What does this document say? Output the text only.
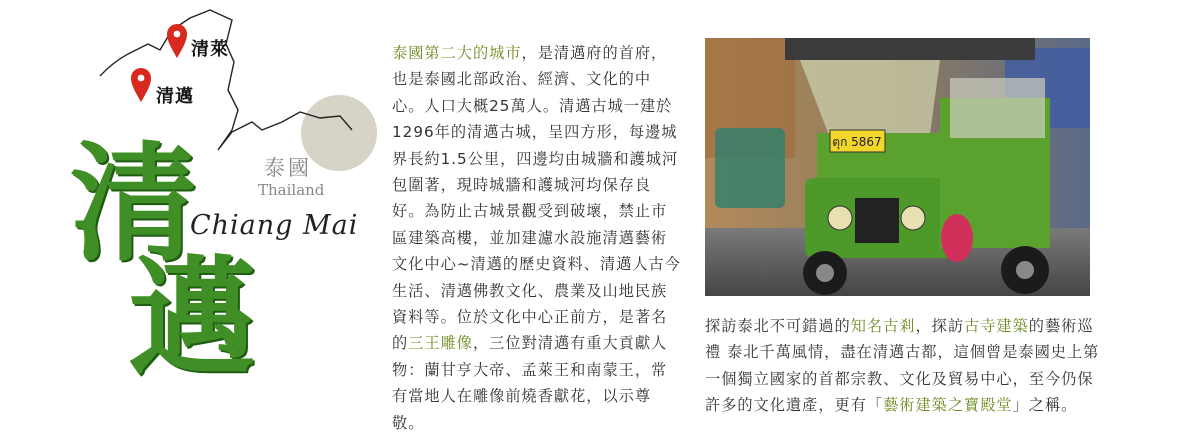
清萊
清邁
泰國
Thailand
Chiang Mai
清
邁
泰國第二大的城市，是清邁府的首府，也是泰國北部政治、經濟、文化的中心。人口大概25萬人。清邁古城一建於1296年的清邁古城，呈四方形，每邊城界長約1.5公里，四邊均由城牆和護城河包圍著，現時城牆和護城河均保存良好。為防止古城景觀受到破壞，禁止市區建築高樓，並加建濾水設施清邁藝術文化中心~清邁的歷史資料、清邁人古今生活、清邁佛教文化、農業及山地民族資料等。位於文化中心正前方，是著名的三王雕像，三位對清邁有重大貢獻人物：蘭甘亨大帝、孟萊王和南蒙王，常有當地人在雕像前燒香獻花，以示尊敬。
ตุก 5867
探訪泰北不可錯過的知名古剎，探訪古寺建築的藝術巡禮 泰北千萬風情，盡在清邁古都，這個曾是泰國史上第一個獨立國家的首都宗教、文化及貿易中心，至今仍保許多的文化遺產，更有「藝術建築之寶殿堂」之稱。
